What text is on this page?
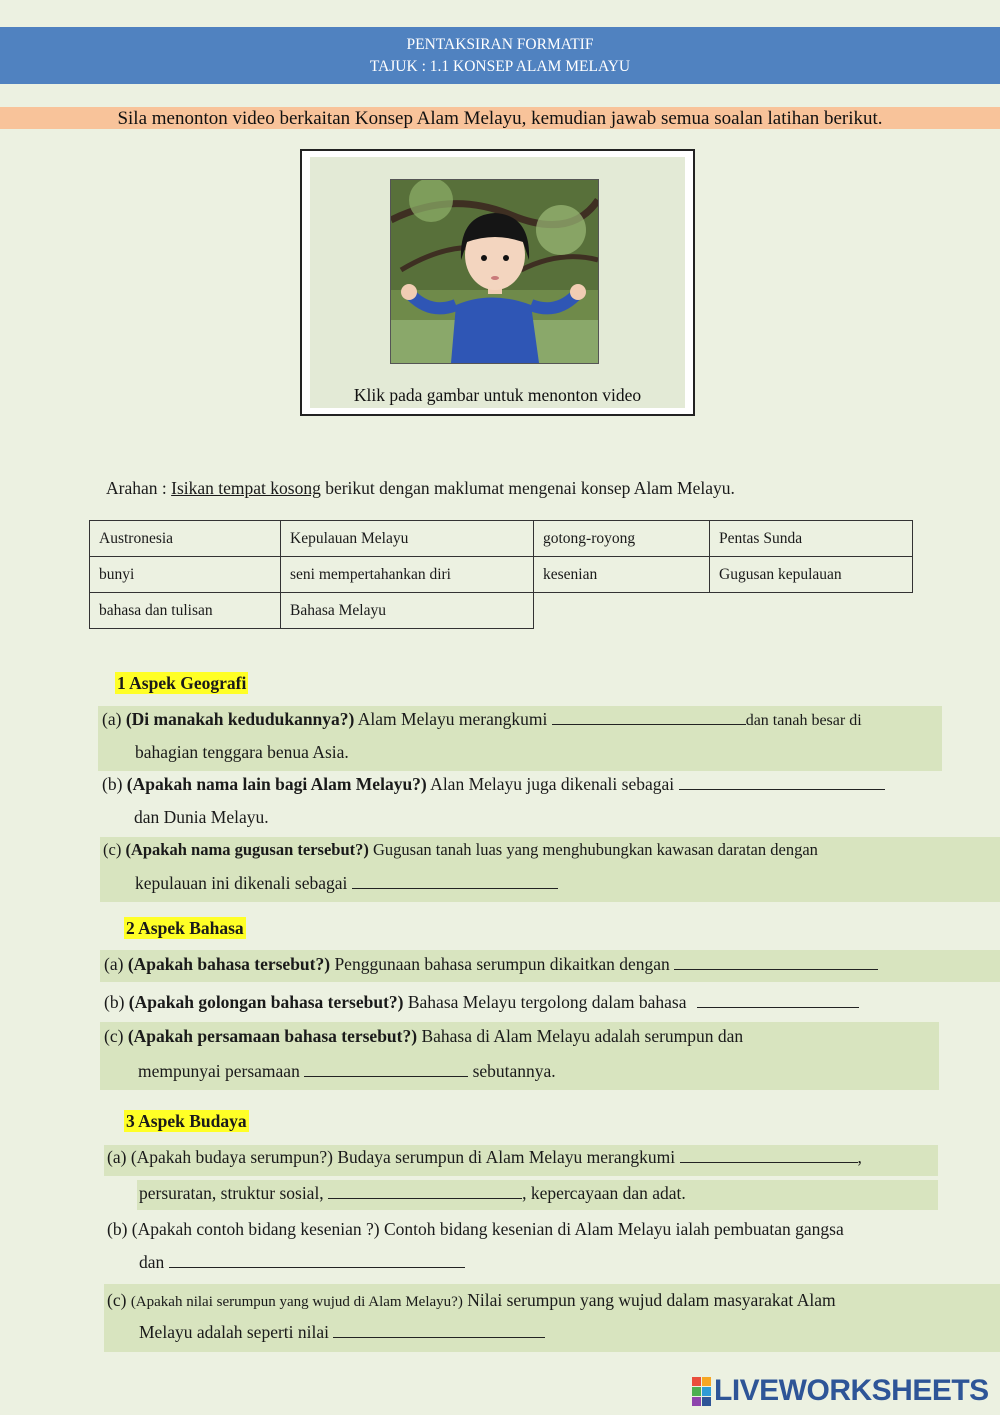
PENTAKSIRAN FORMATIF
TAJUK : 1.1 KONSEP ALAM MELAYU
Sila menonton video berkaitan Konsep Alam Melayu, kemudian jawab semua soalan latihan berikut.
Klik pada gambar untuk menonton video
Arahan : Isikan tempat kosong berikut dengan maklumat mengenai konsep Alam Melayu.
Austronesia	Kepulauan Melayu	gotong-royong	Pentas Sunda
bunyi	seni mempertahankan diri	kesenian	Gugusan kepulauan
bahasa dan tulisan	Bahasa Melayu		
1 Aspek Geografi
(a) (Di manakah kedudukannya?) Alam Melayu merangkumi	dan tanah besar di
bahagian tenggara benua Asia.
(b) (Apakah nama lain bagi Alam Melayu?) Alan Melayu juga dikenali sebagai
dan Dunia Melayu.
(c) (Apakah nama gugusan tersebut?) Gugusan tanah luas yang menghubungkan kawasan daratan dengan
kepulauan ini dikenali sebagai
2 Aspek Bahasa
(a) (Apakah bahasa tersebut?) Penggunaan bahasa serumpun dikaitkan dengan
(b) (Apakah golongan bahasa tersebut?) Bahasa Melayu tergolong dalam bahasa
(c) (Apakah persamaan bahasa tersebut?) Bahasa di Alam Melayu adalah serumpun dan
mempunyai persamaan	sebutannya.
3 Aspek Budaya
(a) (Apakah budaya serumpun?) Budaya serumpun di Alam Melayu merangkumi	,
persuratan, struktur sosial,	, kepercayaan dan adat.
(b) (Apakah contoh bidang kesenian ?) Contoh bidang kesenian di Alam Melayu ialah pembuatan gangsa
dan
(c) (Apakah nilai serumpun yang wujud di Alam Melayu?) Nilai serumpun yang wujud dalam masyarakat Alam
Melayu adalah seperti nilai
LIVEWORKSHEETS
